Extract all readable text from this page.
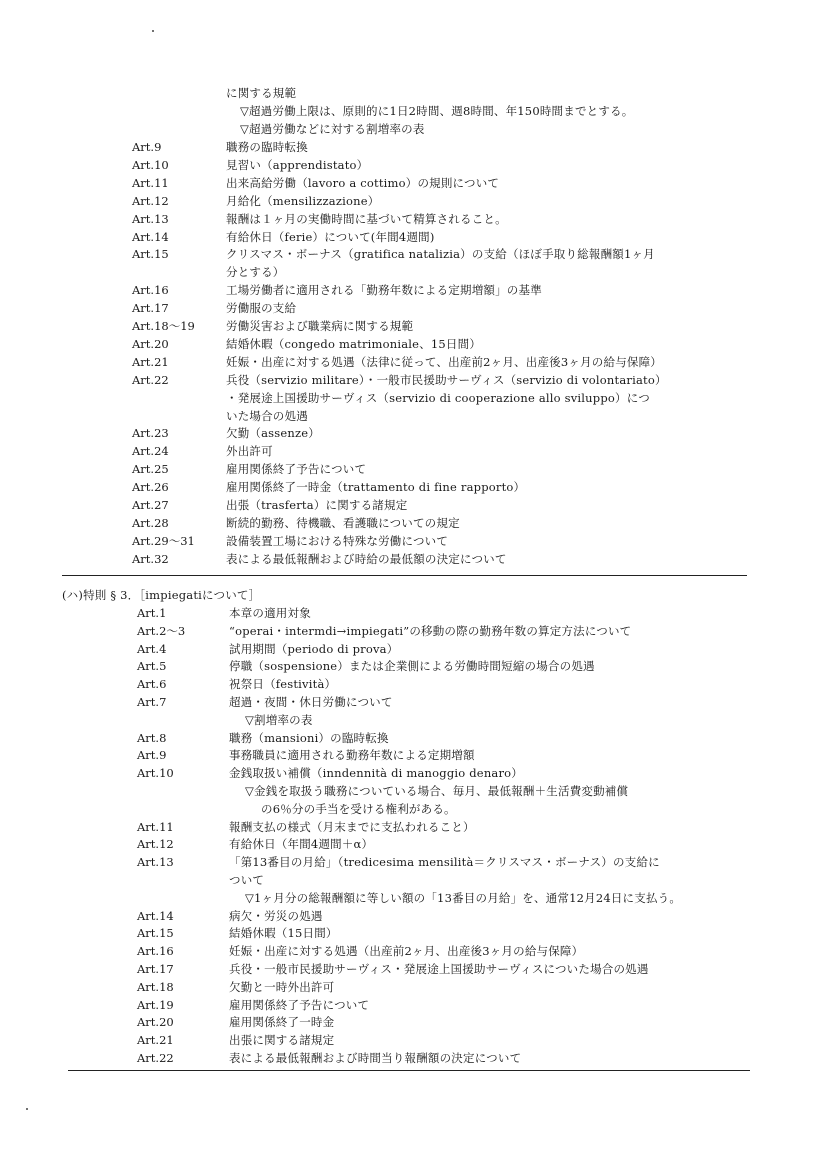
に関する規範
▽超過労働上限は、原則的に1日2時間、週8時間、年150時間までとする。
▽超過労働などに対する割増率の表
Art.9	職務の臨時転換
Art.10	見習い（apprendistato）
Art.11	出来高給労働（lavoro a cottimo）の規則について
Art.12	月給化（mensilizzazione）
Art.13	報酬は１ヶ月の実働時間に基づいて精算されること。
Art.14	有給休日（ferie）について(年間4週間)
Art.15	クリスマス・ボーナス（gratifica natalizia）の支給（ほぼ手取り総報酬額1ヶ月
分とする）
Art.16	工場労働者に適用される「勤務年数による定期増額」の基準
Art.17	労働服の支給
Art.18～19	労働災害および職業病に関する規範
Art.20	結婚休暇（congedo matrimoniale、15日間）
Art.21	妊娠・出産に対する処遇（法律に従って、出産前2ヶ月、出産後3ヶ月の給与保障）
Art.22	兵役（servizio militare）・一般市民援助サーヴィス（servizio di volontariato）
・発展途上国援助サーヴィス（servizio di cooperazione allo sviluppo）につ
いた場合の処遇
Art.23	欠勤（assenze）
Art.24	外出許可
Art.25	雇用関係終了予告について
Art.26	雇用関係終了一時金（trattamento di fine rapporto）
Art.27	出張（trasferta）に関する諸規定
Art.28	断続的勤務、待機職、看護職についての規定
Art.29～31	設備装置工場における特殊な労働について
Art.32	表による最低報酬および時給の最低額の決定について
(ハ)特則 § 3．［impiegatiについて］
Art.1	本章の適用対象
Art.2～3	“operai・intermdi→impiegati”の移動の際の勤務年数の算定方法について
Art.4	試用期間（periodo di prova）
Art.5	停職（sospensione）または企業側による労働時間短縮の場合の処遇
Art.6	祝祭日（festività）
Art.7	超過・夜間・休日労働について
▽割増率の表
Art.8	職務（mansioni）の臨時転換
Art.9	事務職員に適用される勤務年数による定期増額
Art.10	金銭取扱い補償（inndennità di manoggio denaro）
▽金銭を取扱う職務についている場合、毎月、最低報酬＋生活費変動補償
の6％分の手当を受ける権利がある。
Art.11	報酬支払の様式（月末までに支払われること）
Art.12	有給休日（年間4週間＋α）
Art.13	「第13番目の月給」（tredicesima mensilità＝クリスマス・ボーナス）の支給に
ついて
▽1ヶ月分の総報酬額に等しい額の「13番目の月給」を、通常12月24日に支払う。
Art.14	病欠・労災の処遇
Art.15	結婚休暇（15日間）
Art.16	妊娠・出産に対する処遇（出産前2ヶ月、出産後3ヶ月の給与保障）
Art.17	兵役・一般市民援助サーヴィス・発展途上国援助サーヴィスについた場合の処遇
Art.18	欠勤と一時外出許可
Art.19	雇用関係終了予告について
Art.20	雇用関係終了一時金
Art.21	出張に関する諸規定
Art.22	表による最低報酬および時間当り報酬額の決定について
